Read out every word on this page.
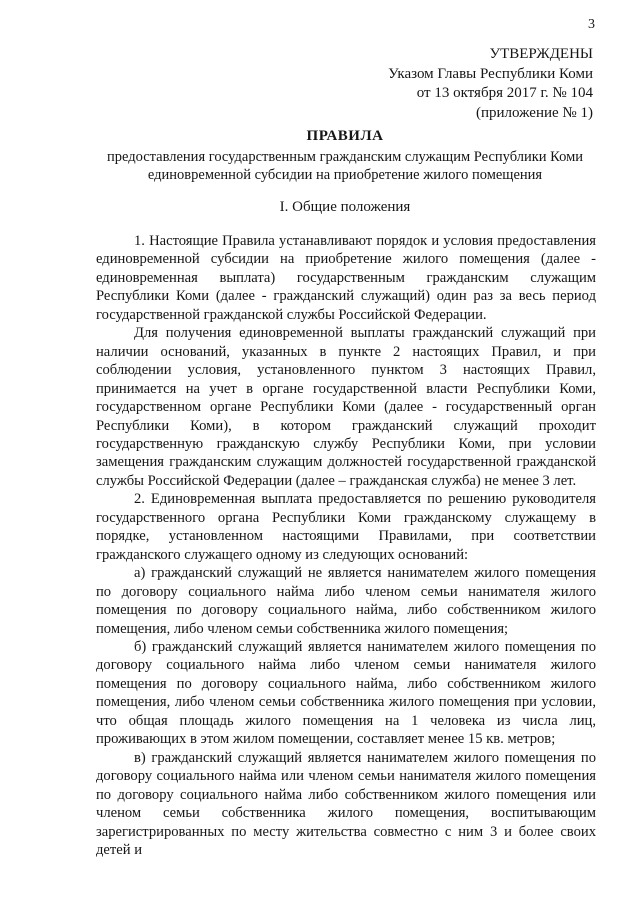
3
УТВЕРЖДЕНЫ
Указом Главы Республики Коми
от 13 октября 2017 г. № 104
(приложение № 1)
ПРАВИЛА
предоставления государственным гражданским служащим Республики Коми
единовременной субсидии на приобретение жилого помещения
I. Общие положения

1. Настоящие Правила устанавливают порядок и условия предоставления единовременной субсидии на приобретение жилого помещения (далее - единовременная выплата) государственным гражданским служащим Республики Коми (далее - гражданский служащий) один раз за весь период государственной гражданской службы Российской Федерации.

Для получения единовременной выплаты гражданский служащий при наличии оснований, указанных в пункте 2 настоящих Правил, и при соблюдении условия, установленного пунктом 3 настоящих Правил, принимается на учет в органе государственной власти Республики Коми, государственном органе Республики Коми (далее - государственный орган Республики Коми), в котором гражданский служащий проходит государственную гражданскую службу Республики Коми, при условии замещения гражданским служащим должностей государственной гражданской службы Российской Федерации (далее – гражданская служба) не менее 3 лет.

2. Единовременная выплата предоставляется по решению руководителя государственного органа Республики Коми гражданскому служащему в порядке, установленном настоящими Правилами, при соответствии гражданского служащего одному из следующих оснований:

а) гражданский служащий не является нанимателем жилого помещения по договору социального найма либо членом семьи нанимателя жилого помещения по договору социального найма, либо собственником жилого помещения, либо членом семьи собственника жилого помещения;

б) гражданский служащий является нанимателем жилого помещения по договору социального найма либо членом семьи нанимателя жилого помещения по договору социального найма, либо собственником жилого помещения, либо членом семьи собственника жилого помещения при условии, что общая площадь жилого помещения на 1 человека из числа лиц, проживающих в этом жилом помещении, составляет менее 15 кв. метров;

в) гражданский служащий является нанимателем жилого помещения по договору социального найма или членом семьи нанимателя жилого помещения по договору социального найма либо собственником жилого помещения или членом семьи собственника жилого помещения, воспитывающим зарегистрированных по месту жительства совместно с ним 3 и более своих детей и
